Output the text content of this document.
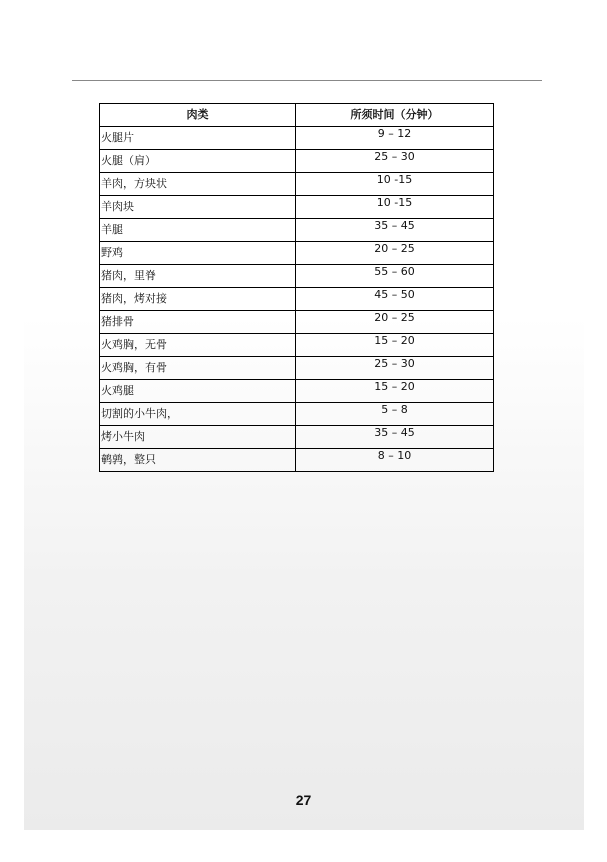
肉类	所须时间（分钟）
火腿片	9 – 12
火腿（肩）	25 – 30
羊肉，方块状	10 -15
羊肉块	10 -15
羊腿	35 – 45
野鸡	20 – 25
猪肉，里脊	55 – 60
猪肉，烤对接	45 – 50
猪排骨	20 – 25
火鸡胸，无骨	15 – 20
火鸡胸，有骨	25 – 30
火鸡腿	15 – 20
切割的小牛肉，	5 – 8
烤小牛肉	35 – 45
鹌鹑，整只	8 – 10
27
